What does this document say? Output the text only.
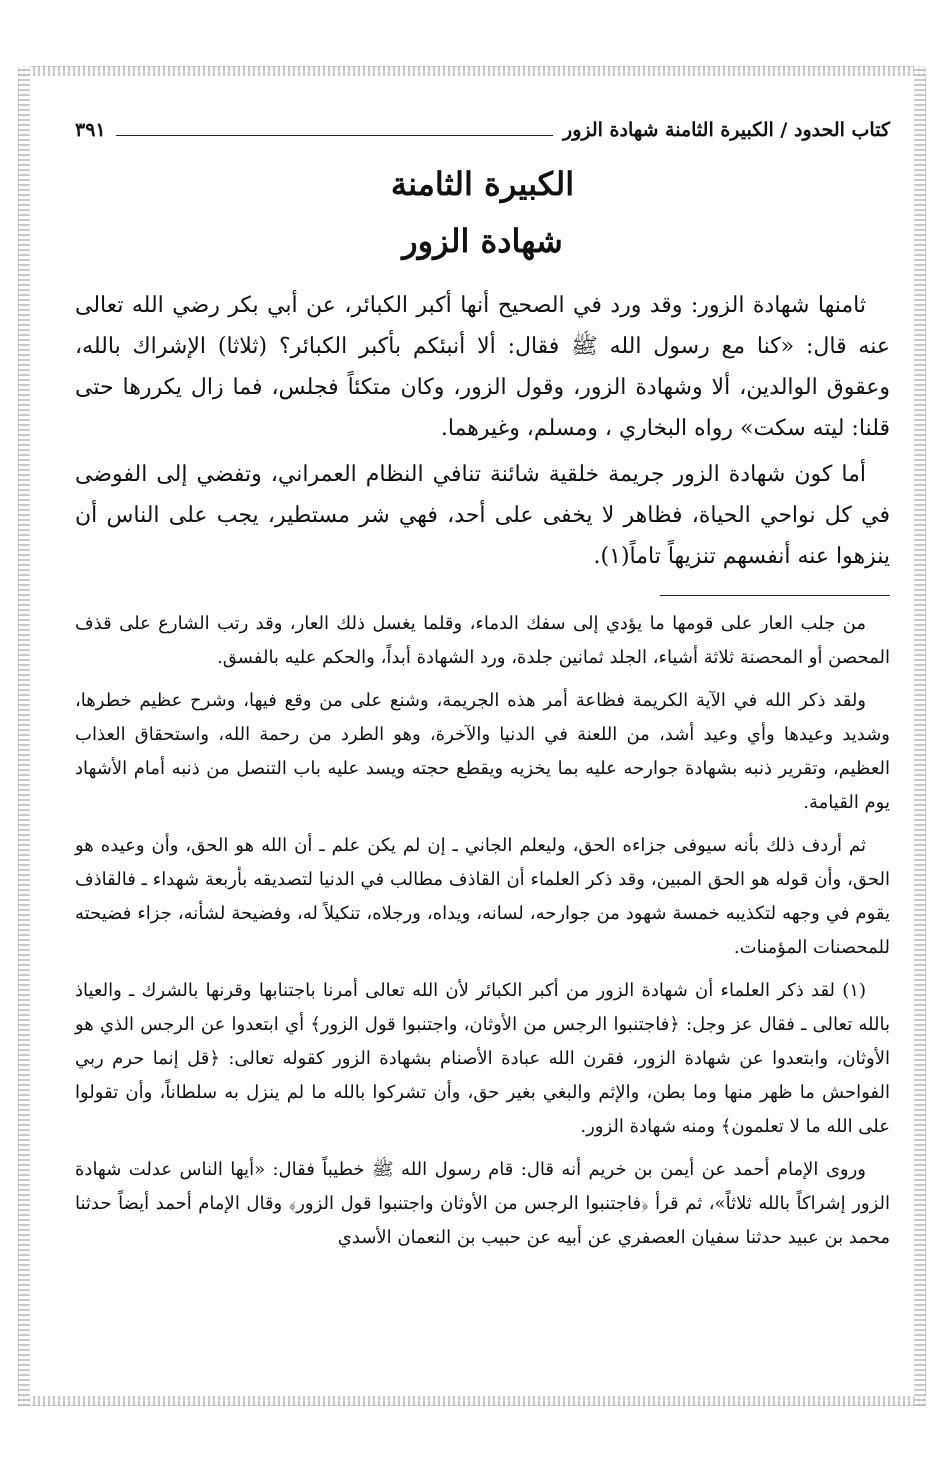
كتاب الحدود / الكبيرة الثامنة شهادة الزور
٣٩١
الكبيرة الثامنة
شهادة الزور

ثامنها شهادة الزور: وقد ورد في الصحيح أنها أكبر الكبائر، عن أبي بكر رضي الله تعالى عنه قال: «كنا مع رسول الله ﷺ فقال: ألا أنبئكم بأكبر الكبائر؟ (ثلاثا) الإشراك بالله، وعقوق الوالدين، ألا وشهادة الزور، وقول الزور، وكان متكئاً فجلس، فما زال يكررها حتى قلنا: ليته سكت» رواه البخاري ، ومسلم، وغيرهما.

أما كون شهادة الزور جريمة خلقية شائنة تنافي النظام العمراني، وتفضي إلى الفوضى في كل نواحي الحياة، فظاهر لا يخفى على أحد، فهي شر مستطير، يجب على الناس أن ينزهوا عنه أنفسهم تنزيهاً تاماً(١).

من جلب العار على قومها ما يؤدي إلى سفك الدماء، وقلما يغسل ذلك العار، وقد رتب الشارع على قذف المحصن أو المحصنة ثلاثة أشياء، الجلد ثمانين جلدة، ورد الشهادة أبداً، والحكم عليه بالفسق.

ولقد ذكر الله في الآية الكريمة فظاعة أمر هذه الجريمة، وشنع على من وقع فيها، وشرح عظيم خطرها، وشديد وعيدها وأي وعيد أشد، من اللعنة في الدنيا والآخرة، وهو الطرد من رحمة الله، واستحقاق العذاب العظيم، وتقرير ذنبه بشهادة جوارحه عليه بما يخزيه ويقطع حجته ويسد عليه باب التنصل من ذنبه أمام الأشهاد يوم القيامة.

ثم أردف ذلك بأنه سيوفى جزاءه الحق، وليعلم الجاني ـ إن لم يكن علم ـ أن الله هو الحق، وأن وعيده هو الحق، وأن قوله هو الحق المبين، وقد ذكر العلماء أن القاذف مطالب في الدنيا لتصديقه بأربعة شهداء ـ فالقاذف يقوم في وجهه لتكذيبه خمسة شهود من جوارحه، لسانه، ويداه، ورجلاه، تنكيلاً له، وفضيحة لشأنه، جزاء فضيحته للمحصنات المؤمنات.

(١) لقد ذكر العلماء أن شهادة الزور من أكبر الكبائر لأن الله تعالى أمرنا باجتنابها وقرنها بالشرك ـ والعياذ بالله تعالى ـ فقال عز وجل: ﴿فاجتنبوا الرجس من الأوثان، واجتنبوا قول الزور﴾ أي ابتعدوا عن الرجس الذي هو الأوثان، وابتعدوا عن شهادة الزور، فقرن الله عبادة الأصنام بشهادة الزور كقوله تعالى: ﴿قل إنما حرم ربي الفواحش ما ظهر منها وما بطن، والإثم والبغي بغير حق، وأن تشركوا بالله ما لم ينزل به سلطاناً، وأن تقولوا على الله ما لا تعلمون﴾ ومنه شهادة الزور.

وروى الإمام أحمد عن أيمن بن خريم أنه قال: قام رسول الله ﷺ خطيباً فقال: «أيها الناس عدلت شهادة الزور إشراكاً بالله ثلاثاً»، ثم قرأ ﴿فاجتنبوا الرجس من الأوثان واجتنبوا قول الزور﴾ وقال الإمام أحمد أيضاً حدثنا محمد بن عبيد حدثنا سفيان العصفري عن أبيه عن حبيب بن النعمان الأسدي
